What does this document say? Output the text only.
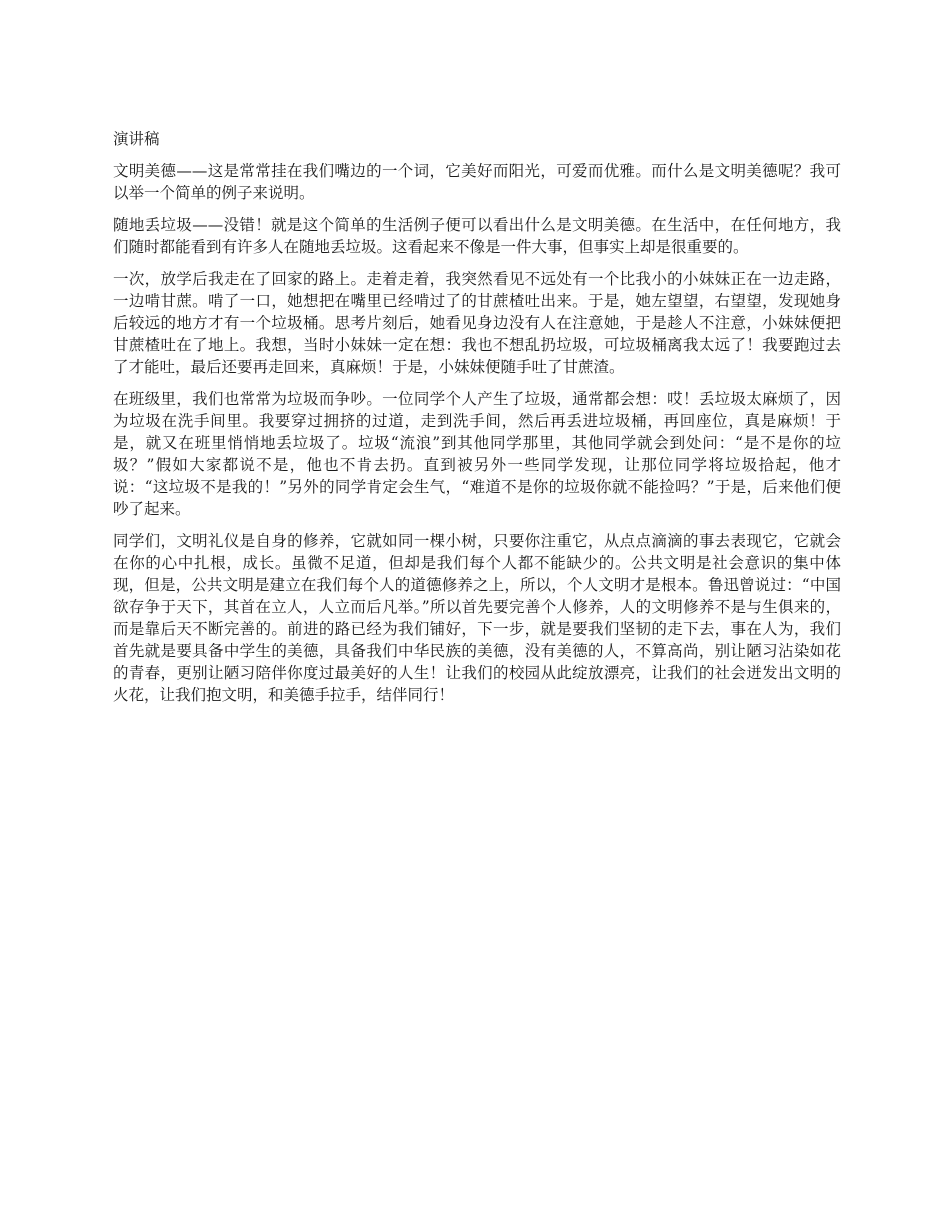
演讲稿

文明美德——这是常常挂在我们嘴边的一个词，它美好而阳光，可爱而优雅。而什么是文明美德呢？我可以举一个简单的例子来说明。

随地丢垃圾——没错！就是这个简单的生活例子便可以看出什么是文明美德。在生活中，在任何地方，我们随时都能看到有许多人在随地丢垃圾。这看起来不像是一件大事，但事实上却是很重要的。

一次，放学后我走在了回家的路上。走着走着，我突然看见不远处有一个比我小的小妹妹正在一边走路，一边啃甘蔗。啃了一口，她想把在嘴里已经啃过了的甘蔗楂吐出来。于是，她左望望，右望望，发现她身后较远的地方才有一个垃圾桶。思考片刻后，她看见身边没有人在注意她，于是趁人不注意，小妹妹便把甘蔗楂吐在了地上。我想，当时小妹妹一定在想：我也不想乱扔垃圾，可垃圾桶离我太远了！我要跑过去了才能吐，最后还要再走回来，真麻烦！于是，小妹妹便随手吐了甘蔗渣。

在班级里，我们也常常为垃圾而争吵。一位同学个人产生了垃圾，通常都会想：哎！丢垃圾太麻烦了，因为垃圾在洗手间里。我要穿过拥挤的过道，走到洗手间，然后再丢进垃圾桶，再回座位，真是麻烦！于是，就又在班里悄悄地丢垃圾了。垃圾“流浪”到其他同学那里，其他同学就会到处问：“是不是你的垃圾？”假如大家都说不是，他也不肯去扔。直到被另外一些同学发现，让那位同学将垃圾拾起，他才说：“这垃圾不是我的！”另外的同学肯定会生气，“难道不是你的垃圾你就不能捡吗？”于是，后来他们便吵了起来。

同学们，文明礼仪是自身的修养，它就如同一棵小树，只要你注重它，从点点滴滴的事去表现它，它就会在你的心中扎根，成长。虽微不足道，但却是我们每个人都不能缺少的。公共文明是社会意识的集中体现，但是，公共文明是建立在我们每个人的道德修养之上，所以，个人文明才是根本。鲁迅曾说过：“中国欲存争于天下，其首在立人，人立而后凡举。”所以首先要完善个人修养，人的文明修养不是与生俱来的，而是靠后天不断完善的。前进的路已经为我们铺好，下一步，就是要我们坚韧的走下去，事在人为，我们首先就是要具备中学生的美德，具备我们中华民族的美德，没有美德的人，不算高尚，别让陋习沾染如花的青春，更别让陋习陪伴你度过最美好的人生！让我们的校园从此绽放漂亮，让我们的社会迸发出文明的火花，让我们抱文明，和美德手拉手，结伴同行！
